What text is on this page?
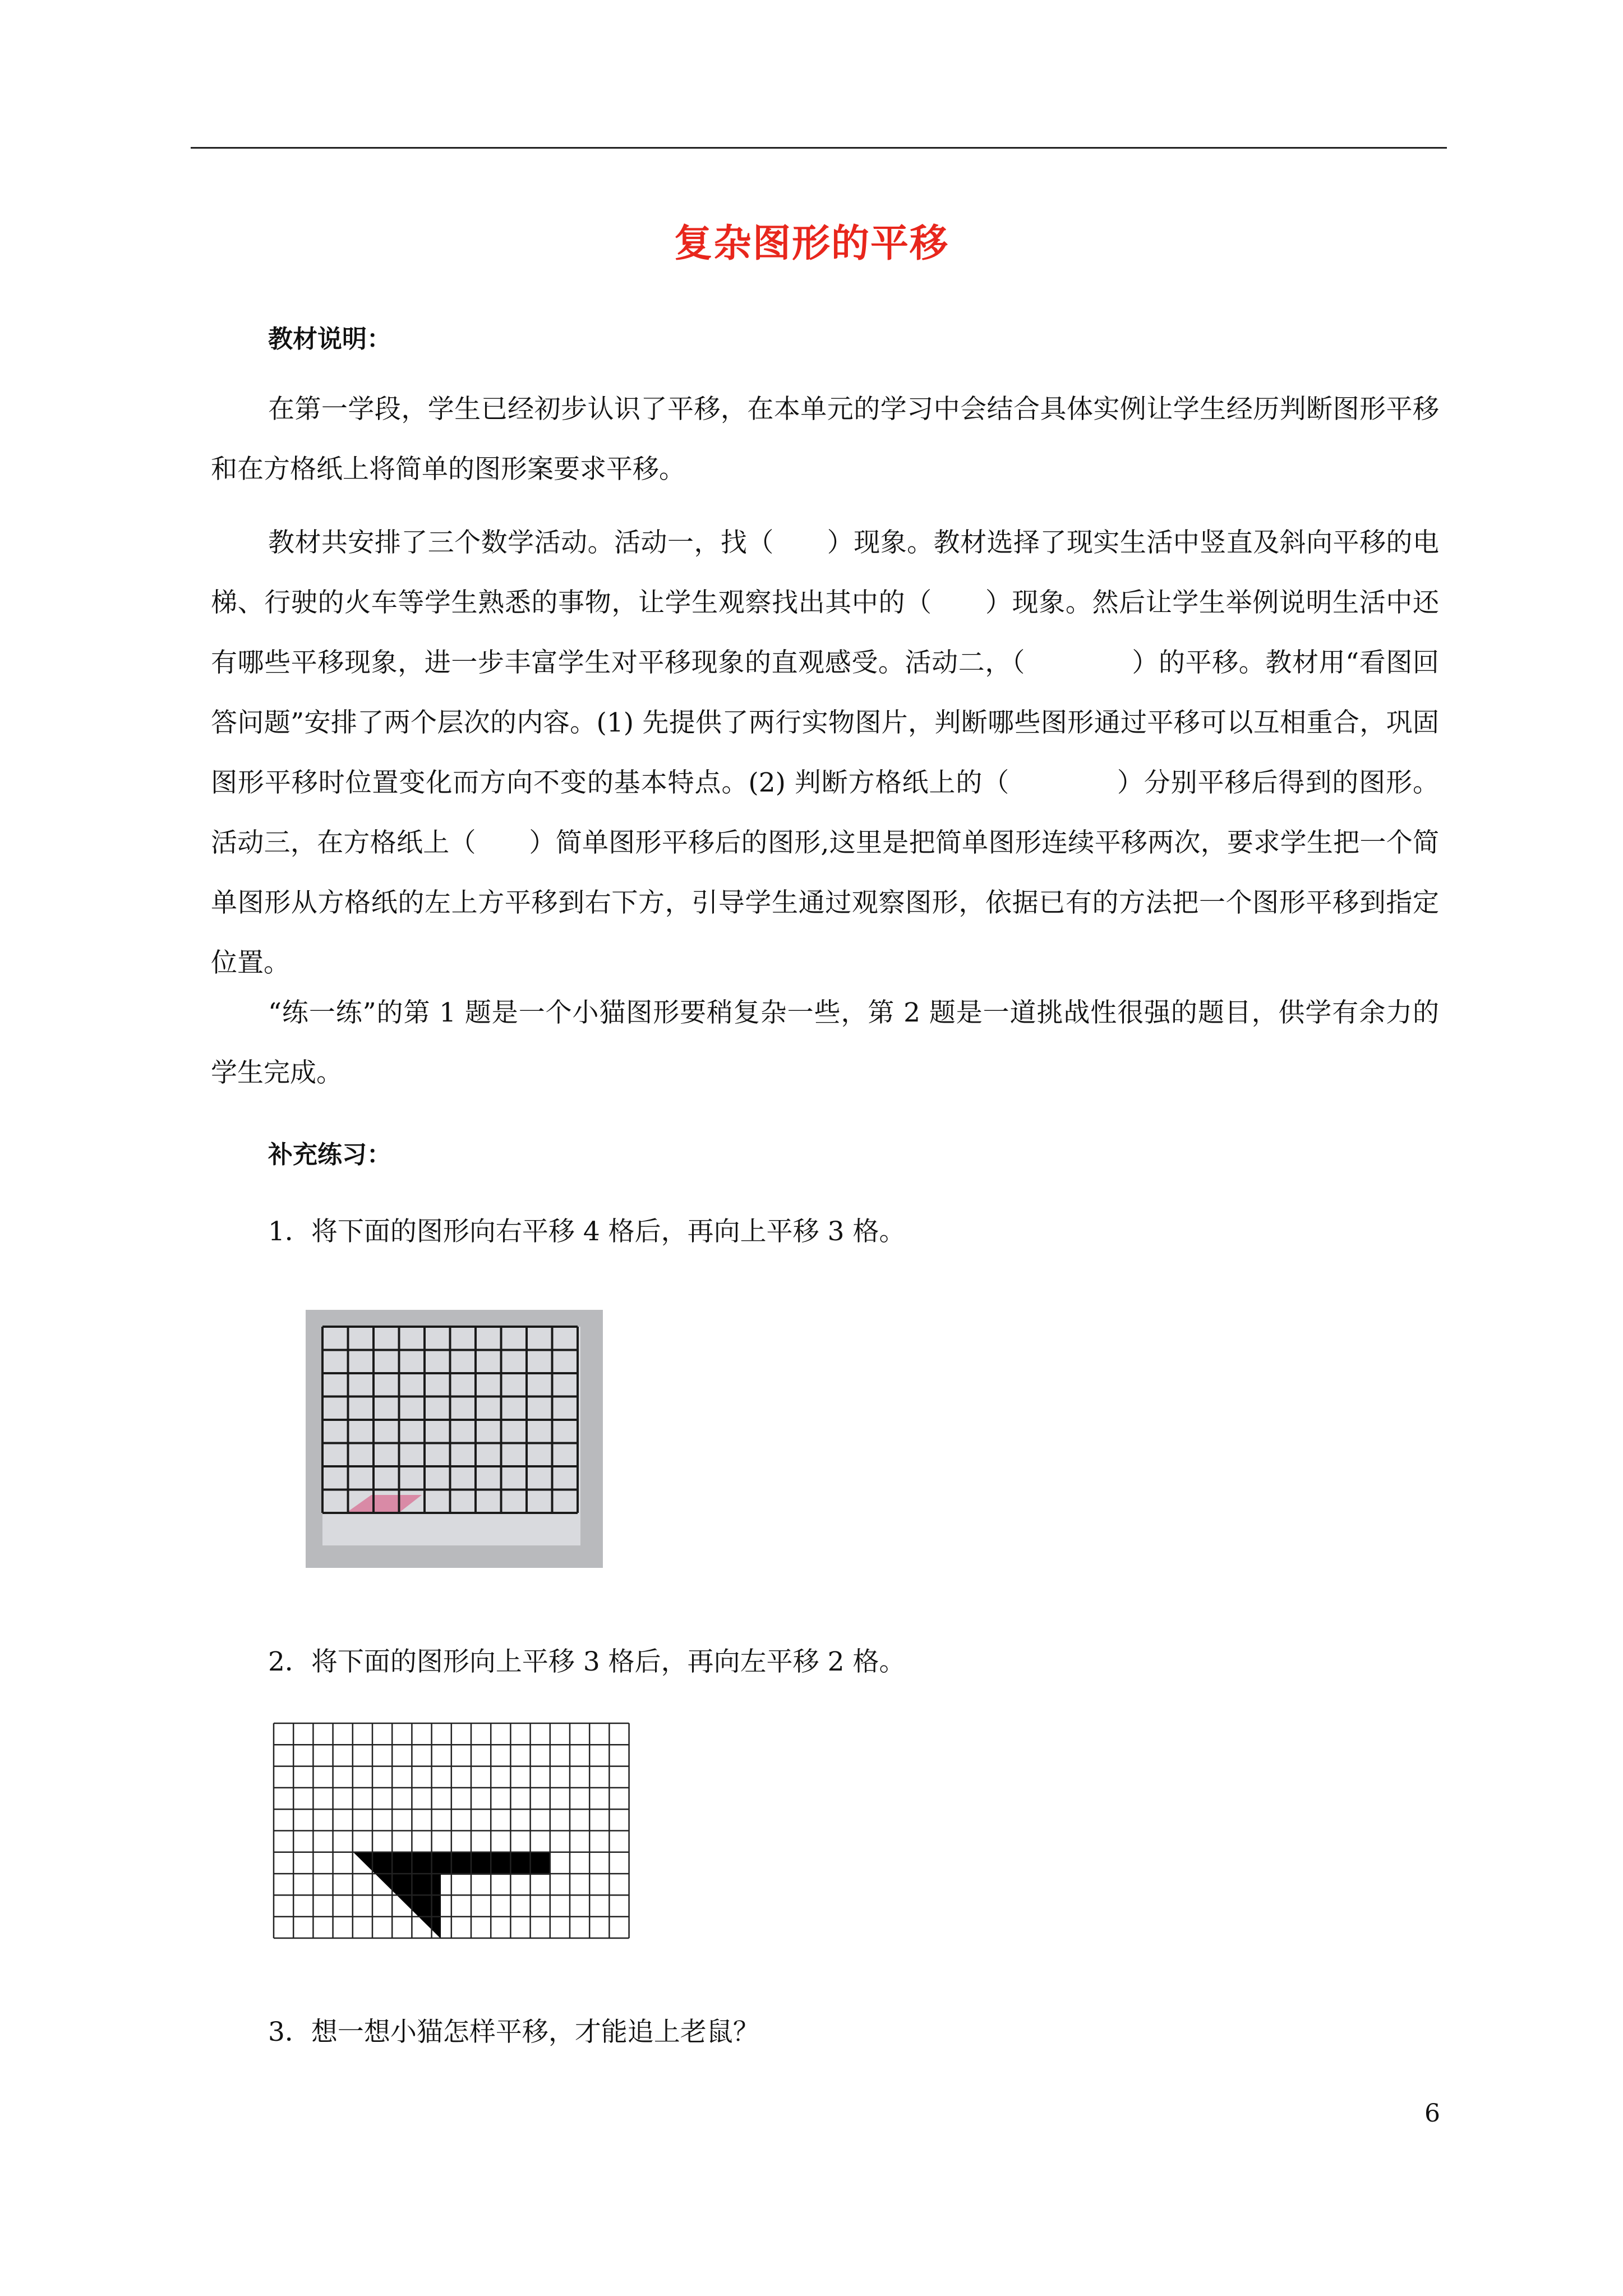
复杂图形的平移
教材说明：

在第一学段，学生已经初步认识了平移，在本单元的学习中会结合具体实例让学生经历判断图形平移和在方格纸上将简单的图形案要求平移。

教材共安排了三个数学活动。活动一，找（　　）现象。教材选择了现实生活中竖直及斜向平移的电梯、行驶的火车等学生熟悉的事物，让学生观察找出其中的（　　）现象。然后让学生举例说明生活中还有哪些平移现象，进一步丰富学生对平移现象的直观感受。活动二，（　　　　）的平移。教材用“看图回答问题”安排了两个层次的内容。(1) 先提供了两行实物图片，判断哪些图形通过平移可以互相重合，巩固图形平移时位置变化而方向不变的基本特点。(2) 判断方格纸上的（　　　　）分别平移后得到的图形。活动三，在方格纸上（　　）简单图形平移后的图形,这里是把简单图形连续平移两次，要求学生把一个简单图形从方格纸的左上方平移到右下方，引导学生通过观察图形，依据已有的方法把一个图形平移到指定位置。

“练一练”的第 1 题是一个小猫图形要稍复杂一些，第 2 题是一道挑战性很强的题目，供学有余力的学生完成。

补充练习：
1．将下面的图形向右平移 4 格后，再向上平移 3 格。
2．将下面的图形向上平移 3 格后，再向左平移 2 格。
3．想一想小猫怎样平移，才能追上老鼠？
6
